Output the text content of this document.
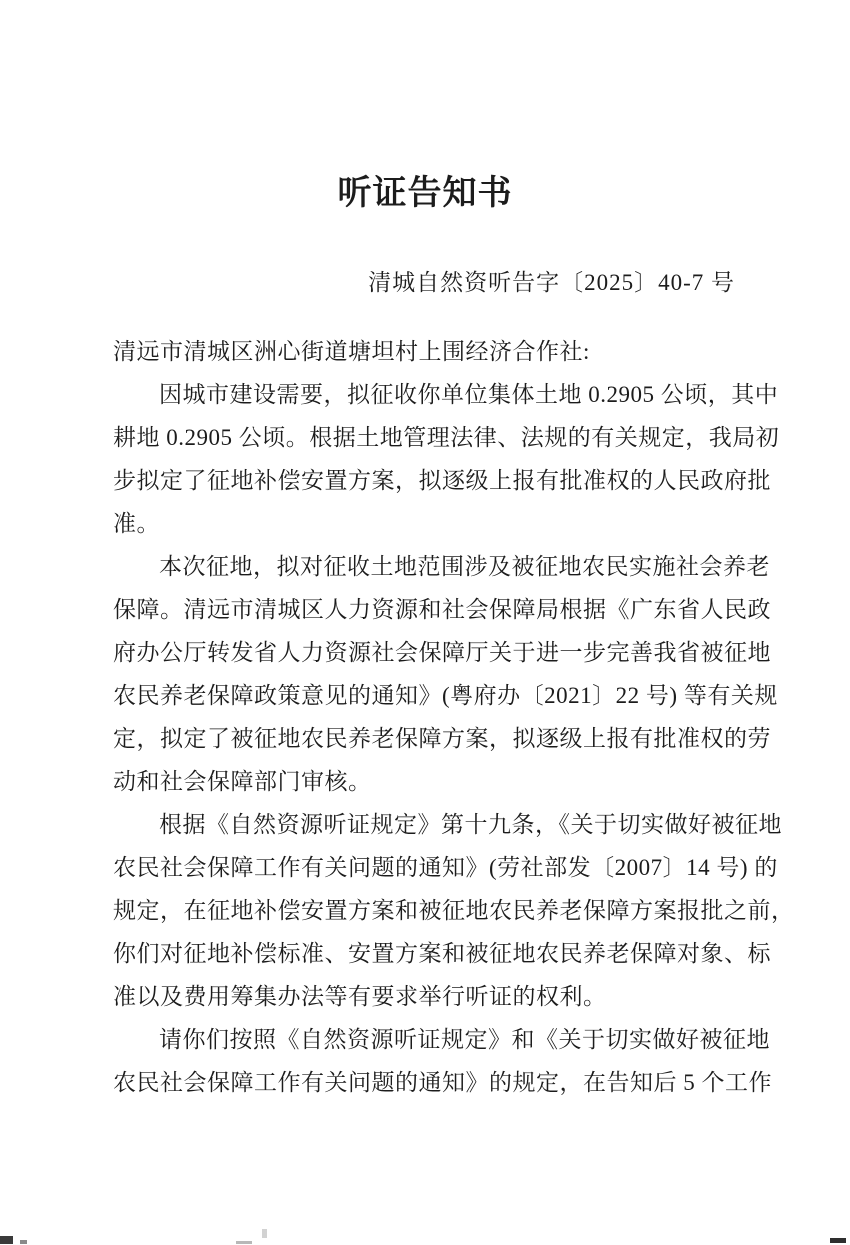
听证告知书
清城自然资听告字〔2025〕40-7 号
清远市清城区洲心街道塘坦村上围经济合作社:
因城市建设需要，拟征收你单位集体土地 0.2905 公顷，其中
耕地 0.2905 公顷。根据土地管理法律、法规的有关规定，我局初
步拟定了征地补偿安置方案，拟逐级上报有批准权的人民政府批
准。
本次征地，拟对征收土地范围涉及被征地农民实施社会养老
保障。清远市清城区人力资源和社会保障局根据《广东省人民政
府办公厅转发省人力资源社会保障厅关于进一步完善我省被征地
农民养老保障政策意见的通知》(粤府办〔2021〕22 号) 等有关规
定，拟定了被征地农民养老保障方案，拟逐级上报有批准权的劳
动和社会保障部门审核。
根据《自然资源听证规定》第十九条，《关于切实做好被征地
农民社会保障工作有关问题的通知》(劳社部发〔2007〕14 号) 的
规定，在征地补偿安置方案和被征地农民养老保障方案报批之前，
你们对征地补偿标准、安置方案和被征地农民养老保障对象、标
准以及费用筹集办法等有要求举行听证的权利。
请你们按照《自然资源听证规定》和《关于切实做好被征地
农民社会保障工作有关问题的通知》的规定，在告知后 5 个工作
